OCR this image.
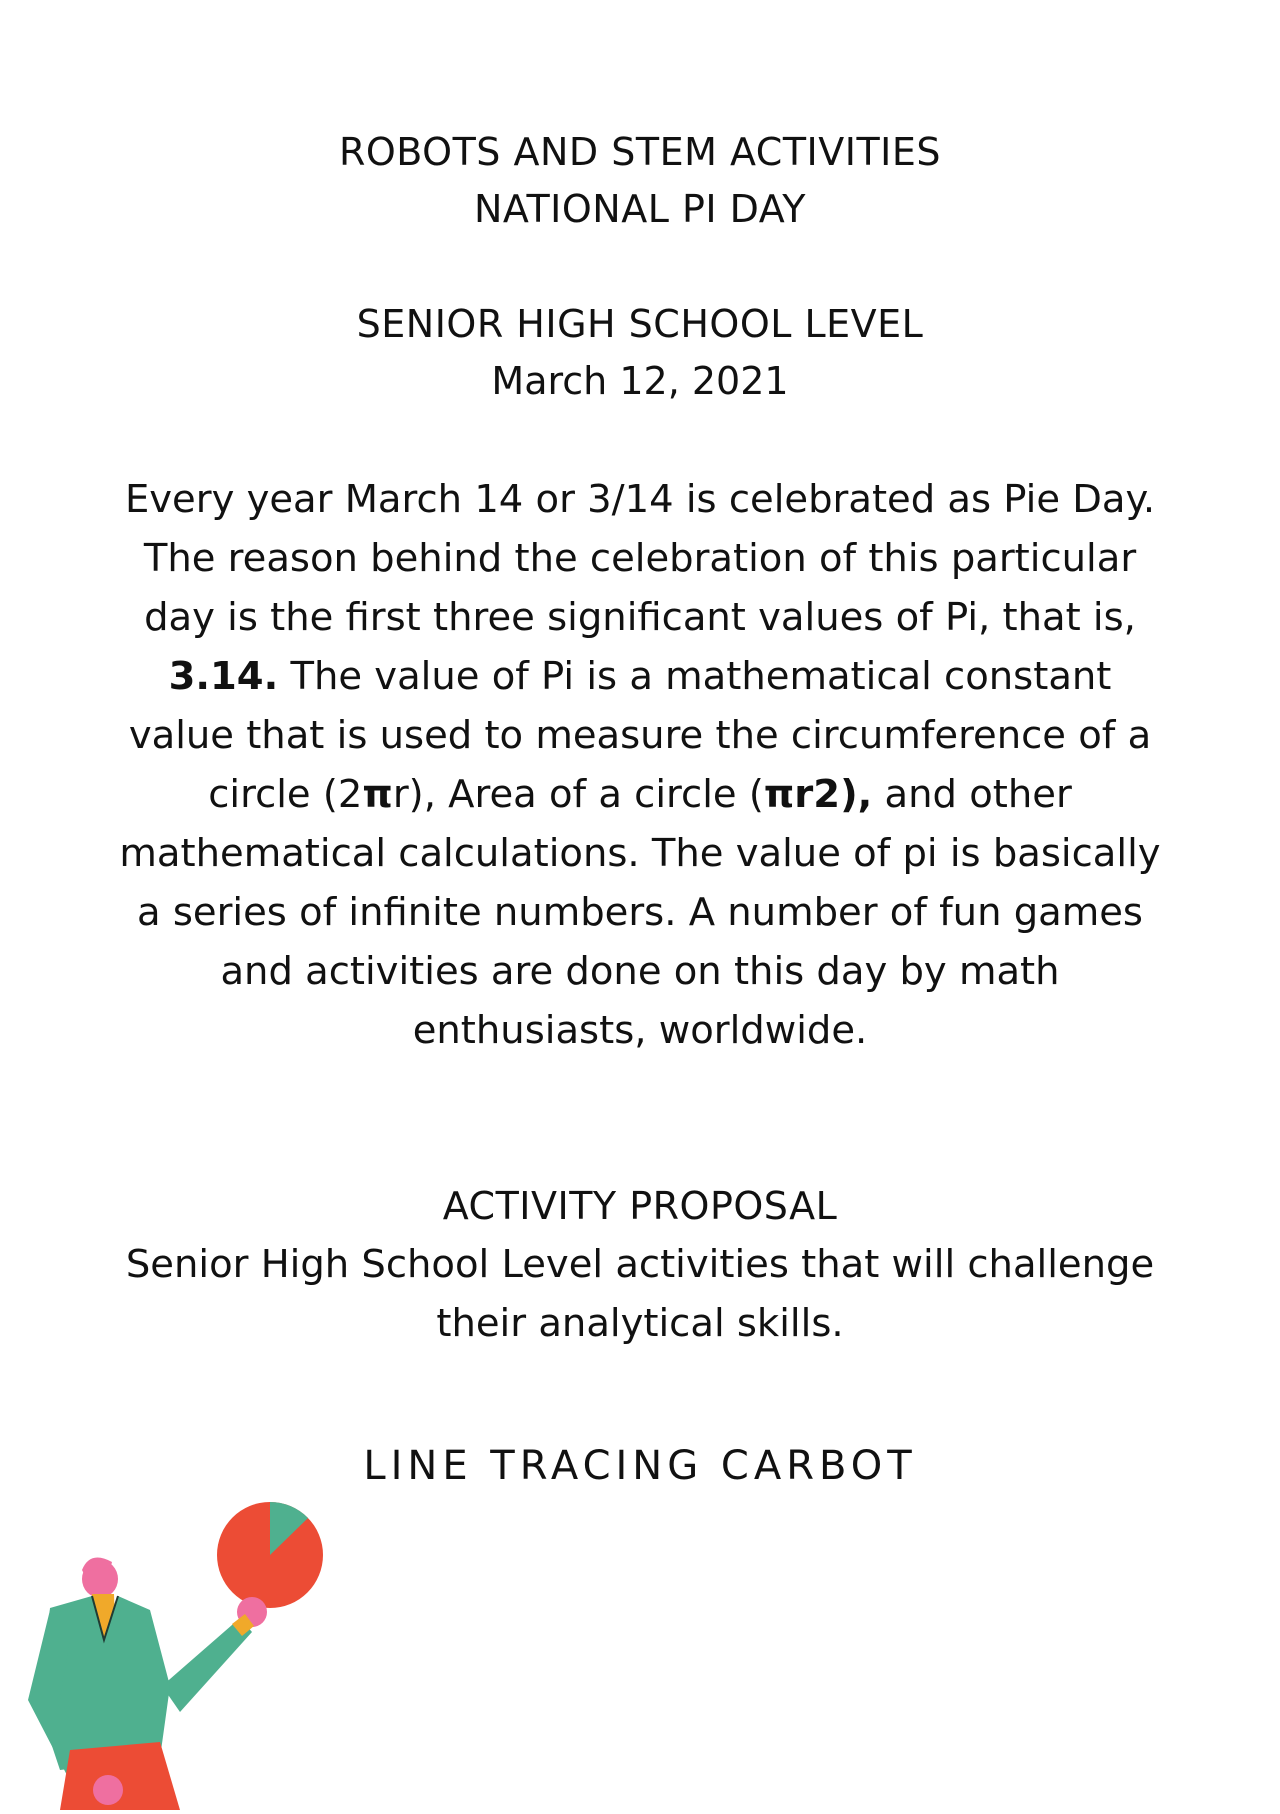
ROBOTS AND STEM ACTIVITIES

NATIONAL PI DAY

SENIOR HIGH SCHOOL LEVEL

March 12, 2021

Every year March 14 or 3/14 is celebrated as Pie Day. The reason behind the celebration of this particular day is the first three significant values of Pi, that is, 3.14. The value of Pi is a mathematical constant value that is used to measure the circumference of a circle (2πr), Area of a circle (πr2), and other mathematical calculations. The value of pi is basically a series of infinite numbers. A number of fun games and activities are done on this day by math enthusiasts, worldwide.

ACTIVITY PROPOSAL

Senior High School Level activities that will challenge their analytical skills.

LINE TRACING CARBOT
